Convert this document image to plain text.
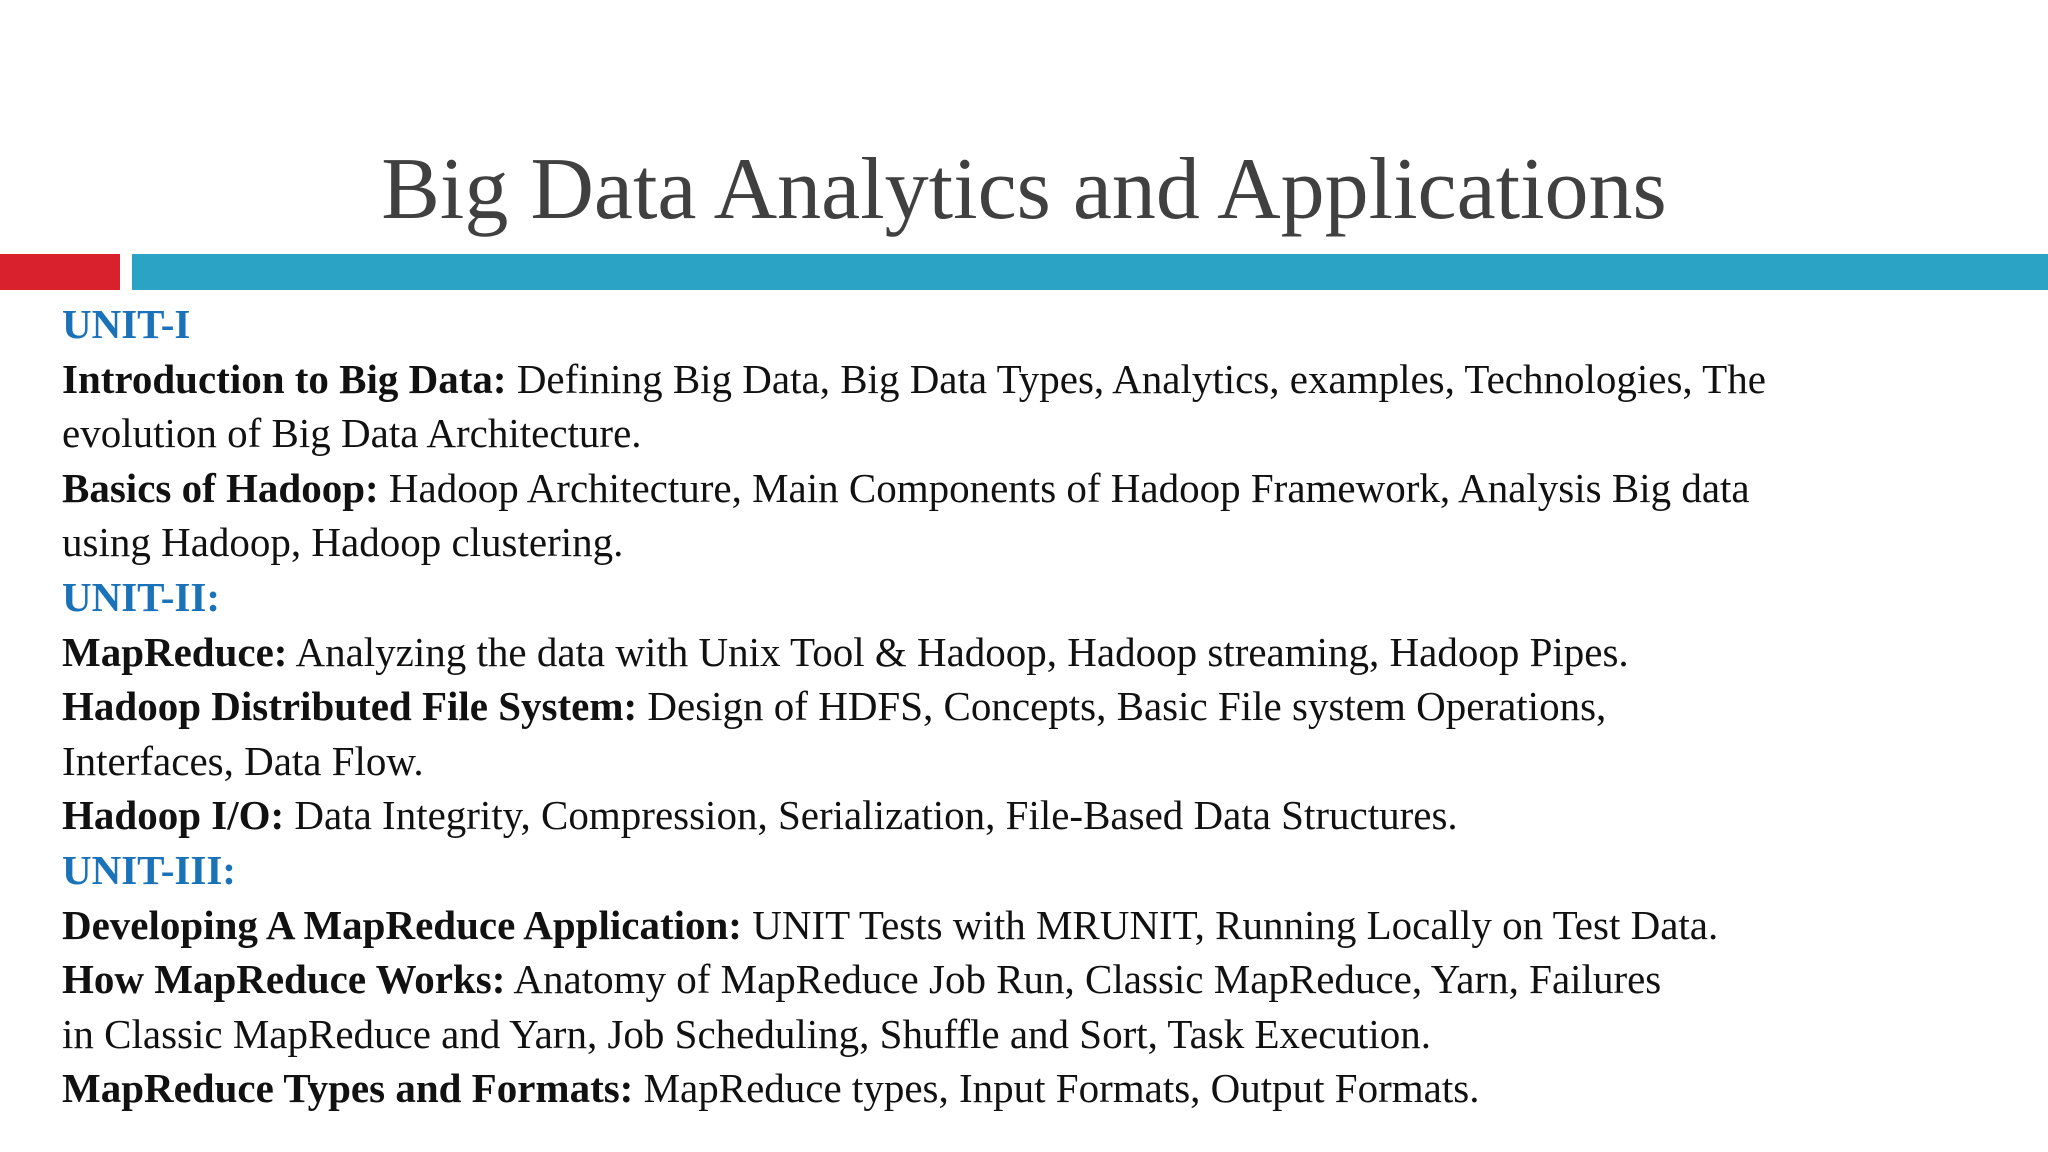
Big Data Analytics and Applications
UNIT-I
Introduction to Big Data: Defining Big Data, Big Data Types, Analytics, examples, Technologies, The
evolution of Big Data Architecture.
Basics of Hadoop: Hadoop Architecture, Main Components of Hadoop Framework, Analysis Big data
using Hadoop, Hadoop clustering.
UNIT-II:
MapReduce: Analyzing the data with Unix Tool & Hadoop, Hadoop streaming, Hadoop Pipes.
Hadoop Distributed File System: Design of HDFS, Concepts, Basic File system Operations,
Interfaces, Data Flow.
Hadoop I/O: Data Integrity, Compression, Serialization, File-Based Data Structures.
UNIT-III:
Developing A MapReduce Application: UNIT Tests with MRUNIT, Running Locally on Test Data.
How MapReduce Works: Anatomy of MapReduce Job Run, Classic MapReduce, Yarn, Failures
in Classic MapReduce and Yarn, Job Scheduling, Shuffle and Sort, Task Execution.
MapReduce Types and Formats: MapReduce types, Input Formats, Output Formats.
